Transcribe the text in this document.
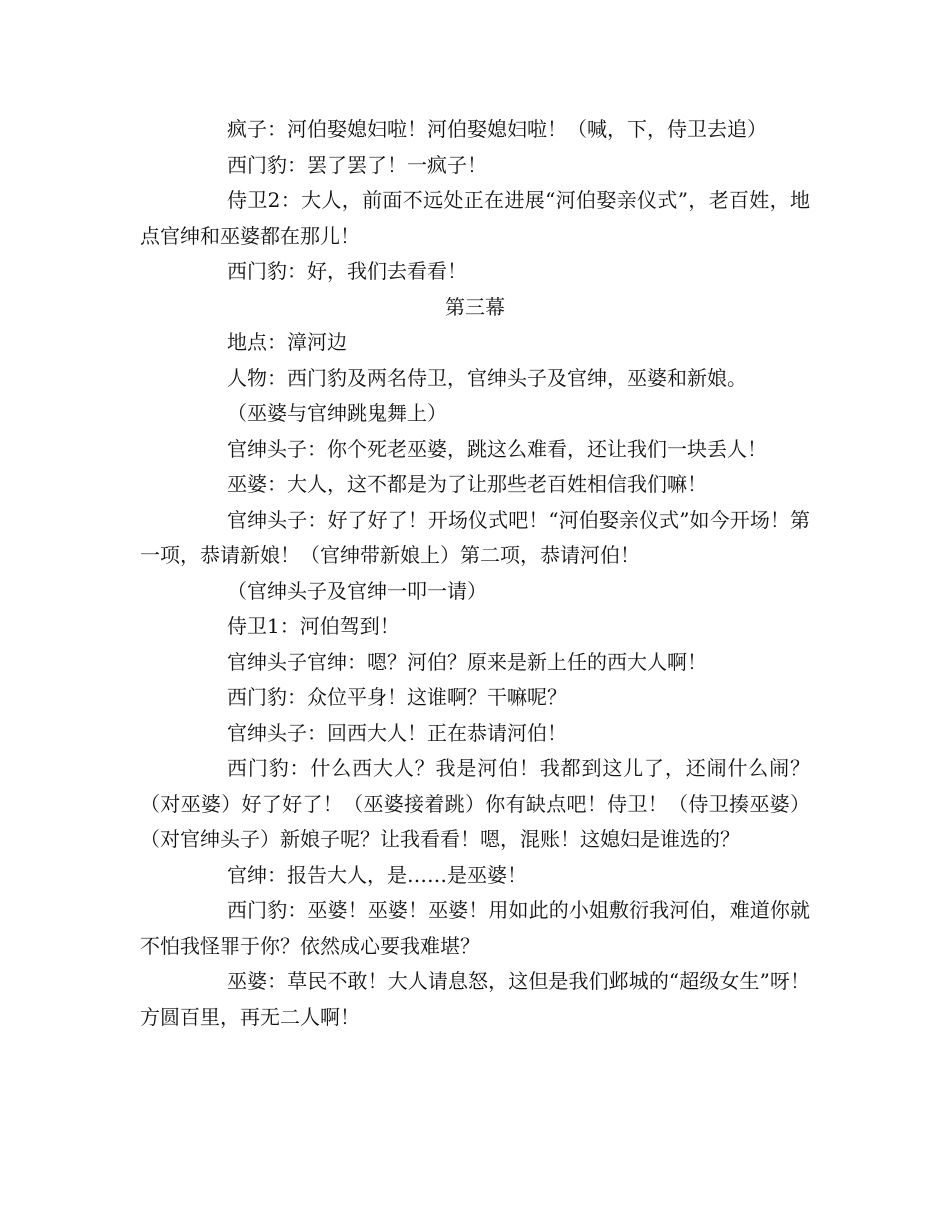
疯子：河伯娶媳妇啦！河伯娶媳妇啦！（喊，下，侍卫去追）

西门豹：罢了罢了！一疯子！

侍卫2：大人，前面不远处正在进展“河伯娶亲仪式”，老百姓，地点官绅和巫婆都在那儿！

西门豹：好，我们去看看！

第三幕

地点：漳河边

人物：西门豹及两名侍卫，官绅头子及官绅，巫婆和新娘。

（巫婆与官绅跳鬼舞上）

官绅头子：你个死老巫婆，跳这么难看，还让我们一块丢人！

巫婆：大人，这不都是为了让那些老百姓相信我们嘛！

官绅头子：好了好了！开场仪式吧！“河伯娶亲仪式”如今开场！第一项，恭请新娘！（官绅带新娘上）第二项，恭请河伯！

（官绅头子及官绅一叩一请）

侍卫1：河伯驾到！

官绅头子官绅：嗯？河伯？原来是新上任的西大人啊！

西门豹：众位平身！这谁啊？干嘛呢？

官绅头子：回西大人！正在恭请河伯！

西门豹：什么西大人？我是河伯！我都到这儿了，还闹什么闹？（对巫婆）好了好了！（巫婆接着跳）你有缺点吧！侍卫！（侍卫揍巫婆）（对官绅头子）新娘子呢？让我看看！嗯，混账！这媳妇是谁选的？

官绅：报告大人，是……是巫婆！

西门豹：巫婆！巫婆！巫婆！用如此的小姐敷衍我河伯，难道你就不怕我怪罪于你？依然成心要我难堪？

巫婆：草民不敢！大人请息怒，这但是我们邺城的“超级女生”呀！方圆百里，再无二人啊！
